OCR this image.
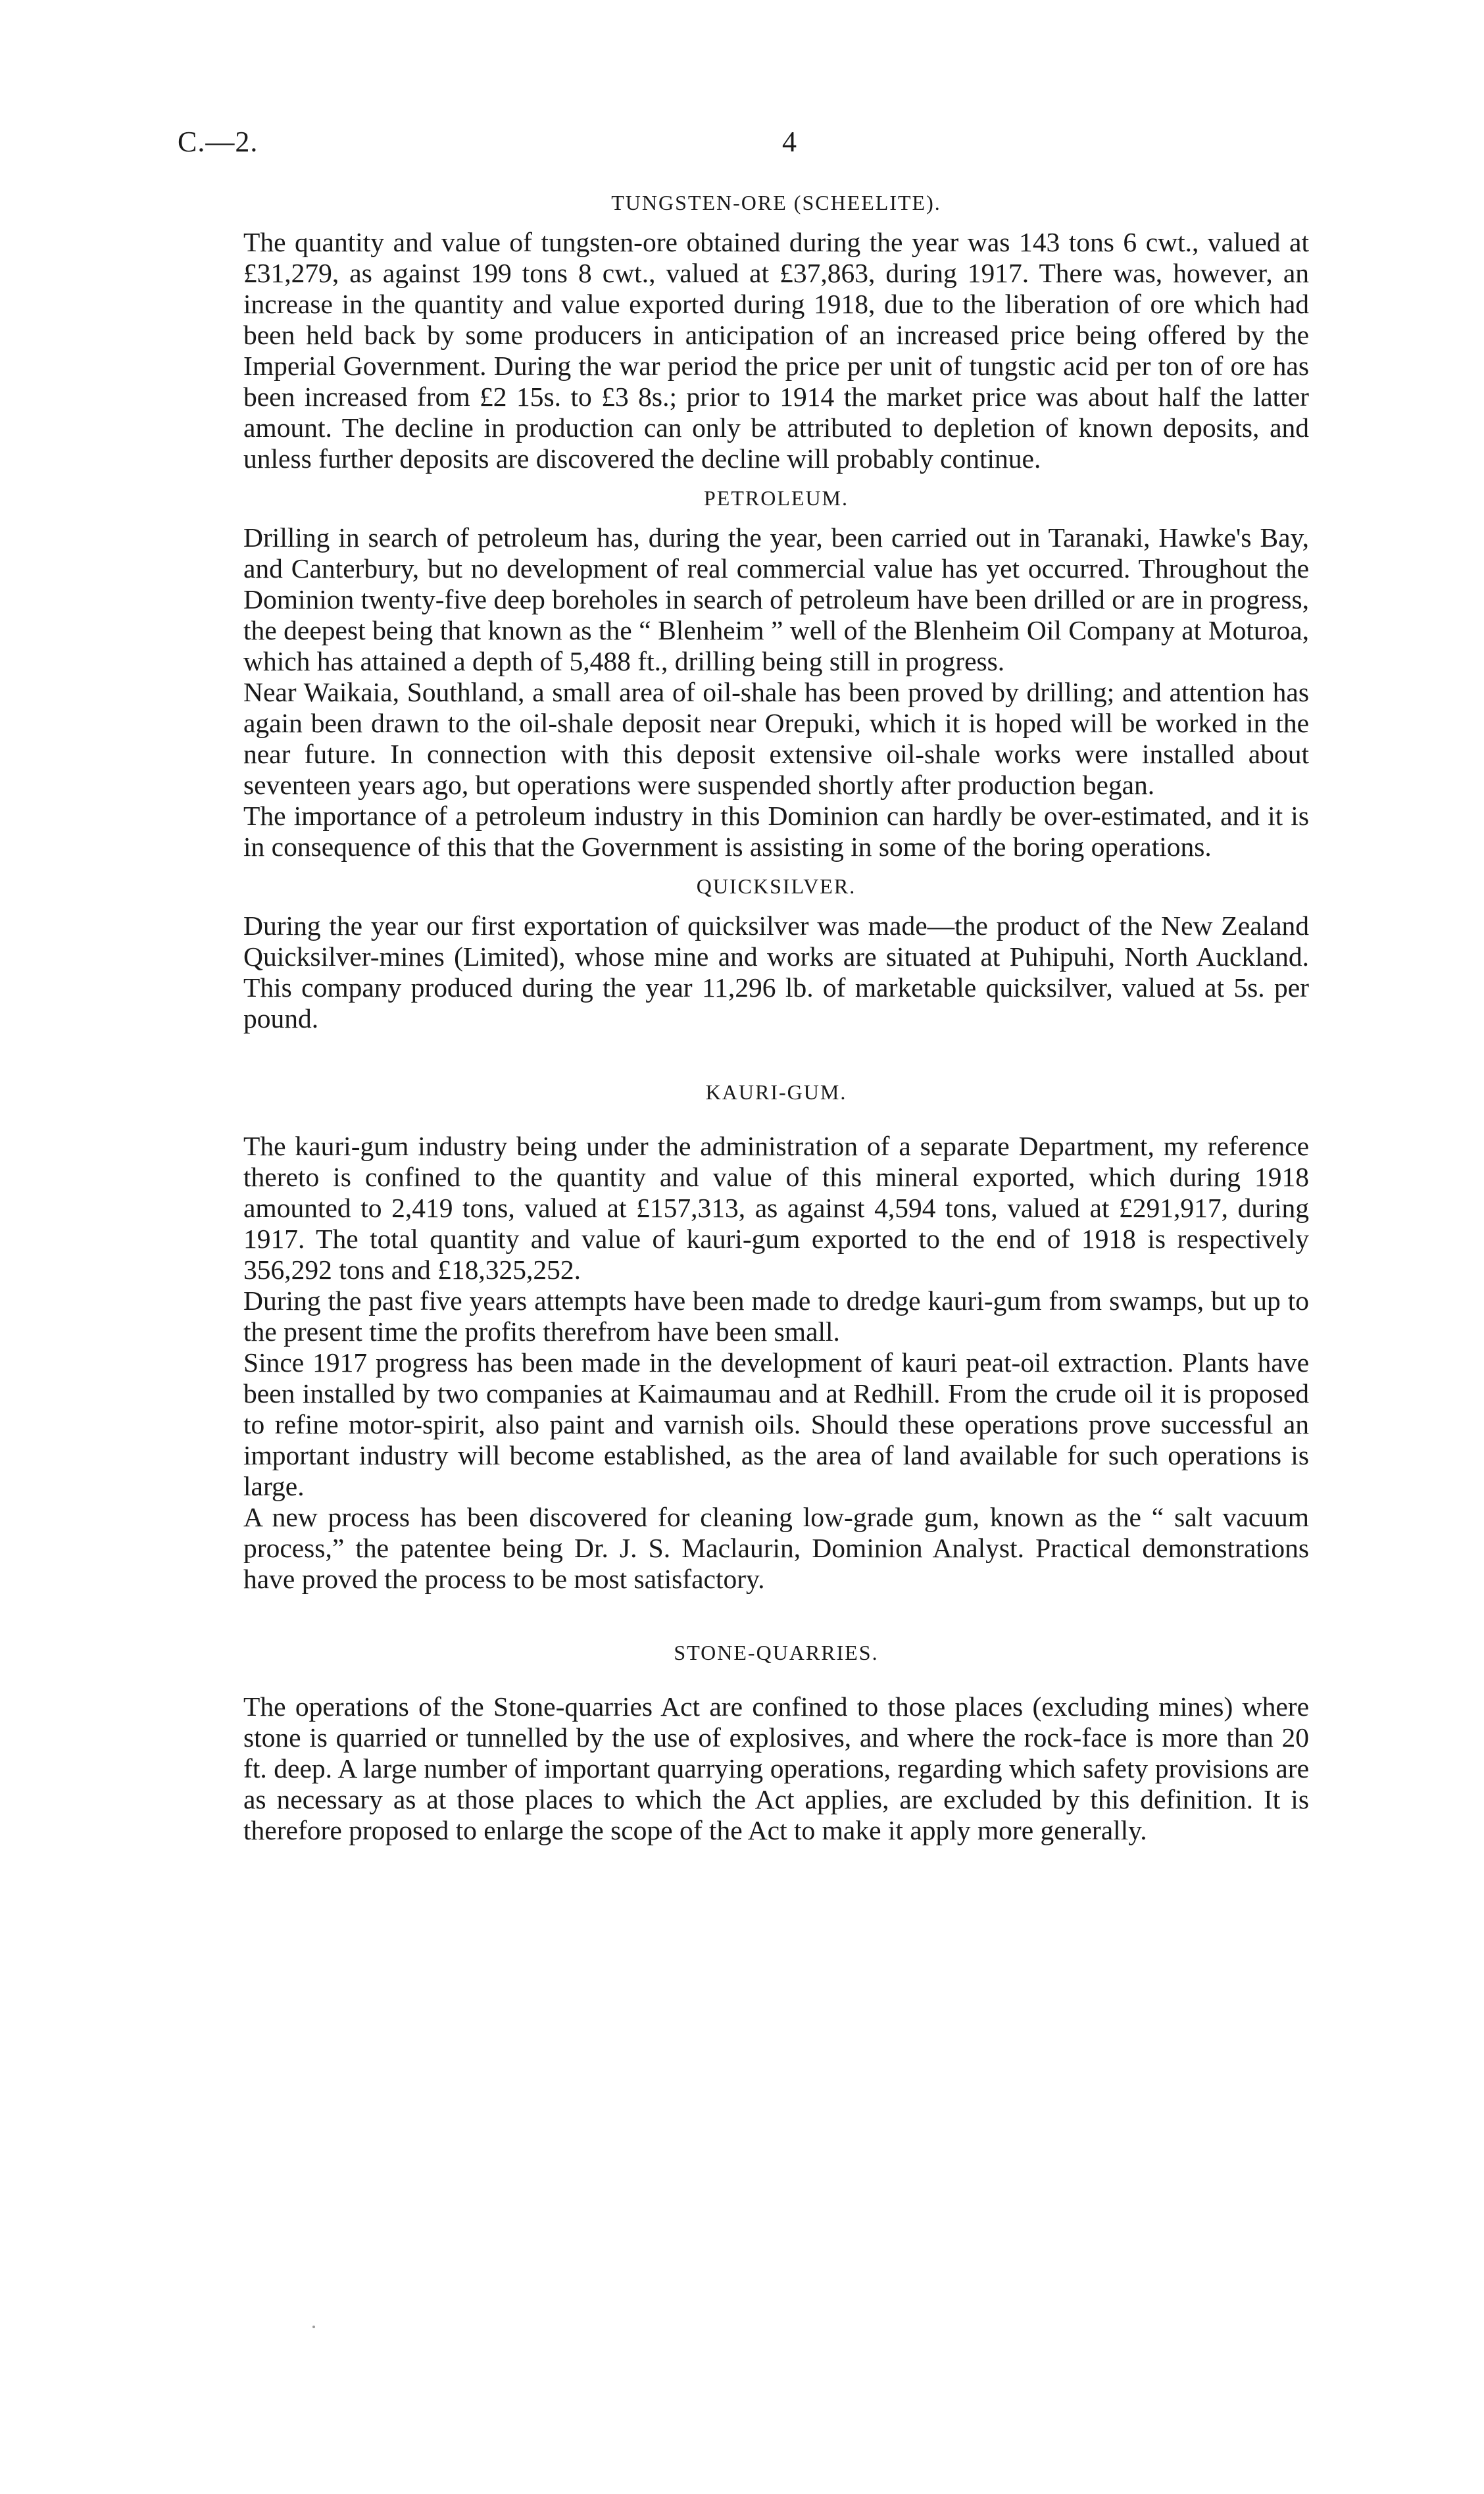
C.—2.	4
TUNGSTEN-ORE (SCHEELITE).

The quantity and value of tungsten-ore obtained during the year was 143 tons 6 cwt., valued at £31,279, as against 199 tons 8 cwt., valued at £37,863, during 1917. There was, however, an increase in the quantity and value exported during 1918, due to the liberation of ore which had been held back by some producers in anticipation of an increased price being offered by the Imperial Government. During the war period the price per unit of tungstic acid per ton of ore has been increased from £2 15s. to £3 8s.; prior to 1914 the market price was about half the latter amount. The decline in production can only be attributed to depletion of known deposits, and unless further deposits are discovered the decline will probably continue.

PETROLEUM.

Drilling in search of petroleum has, during the year, been carried out in Taranaki, Hawke's Bay, and Canterbury, but no development of real commercial value has yet occurred. Throughout the Dominion twenty-five deep boreholes in search of petroleum have been drilled or are in progress, the deepest being that known as the “ Blenheim ” well of the Blenheim Oil Company at Moturoa, which has attained a depth of 5,488 ft., drilling being still in progress.

Near Waikaia, Southland, a small area of oil-shale has been proved by drilling; and attention has again been drawn to the oil-shale deposit near Orepuki, which it is hoped will be worked in the near future. In connection with this deposit extensive oil-shale works were installed about seventeen years ago, but operations were suspended shortly after production began.

The importance of a petroleum industry in this Dominion can hardly be over-estimated, and it is in consequence of this that the Government is assisting in some of the boring operations.

QUICKSILVER.

During the year our first exportation of quicksilver was made—the product of the New Zealand Quicksilver-mines (Limited), whose mine and works are situated at Puhipuhi, North Auckland. This company produced during the year 11,296 lb. of marketable quicksilver, valued at 5s. per pound.

KAURI-GUM.

The kauri-gum industry being under the administration of a separate Department, my reference thereto is confined to the quantity and value of this mineral exported, which during 1918 amounted to 2,419 tons, valued at £157,313, as against 4,594 tons, valued at £291,917, during 1917. The total quantity and value of kauri-gum exported to the end of 1918 is respectively 356,292 tons and £18,325,252.

During the past five years attempts have been made to dredge kauri-gum from swamps, but up to the present time the profits therefrom have been small.

Since 1917 progress has been made in the development of kauri peat-oil extraction. Plants have been installed by two companies at Kaimaumau and at Redhill. From the crude oil it is proposed to refine motor-spirit, also paint and varnish oils. Should these operations prove successful an important industry will become established, as the area of land available for such operations is large.

A new process has been discovered for cleaning low-grade gum, known as the “ salt vacuum process,” the patentee being Dr. J. S. Maclaurin, Dominion Analyst. Practical demonstrations have proved the process to be most satisfactory.

STONE-QUARRIES.

The operations of the Stone-quarries Act are confined to those places (excluding mines) where stone is quarried or tunnelled by the use of explosives, and where the rock-face is more than 20 ft. deep. A large number of important quarrying operations, regarding which safety provisions are as necessary as at those places to which the Act applies, are excluded by this definition. It is therefore proposed to enlarge the scope of the Act to make it apply more generally.
